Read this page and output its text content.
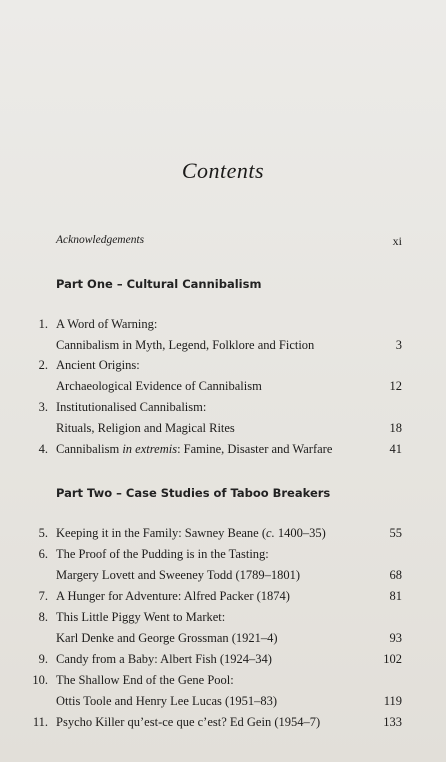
Contents
Acknowledgements	xi
Part One – Cultural Cannibalism
1. A Word of Warning:
Cannibalism in Myth, Legend, Folklore and Fiction	3
2. Ancient Origins:
Archaeological Evidence of Cannibalism	12
3. Institutionalised Cannibalism:
Rituals, Religion and Magical Rites	18
4. Cannibalism in extremis: Famine, Disaster and Warfare	41
Part Two – Case Studies of Taboo Breakers
5. Keeping it in the Family: Sawney Beane (c. 1400–35)	55
6. The Proof of the Pudding is in the Tasting:
Margery Lovett and Sweeney Todd (1789–1801)	68
7. A Hunger for Adventure: Alfred Packer (1874)	81
8. This Little Piggy Went to Market:
Karl Denke and George Grossman (1921–4)	93
9. Candy from a Baby: Albert Fish (1924–34)	102
10. The Shallow End of the Gene Pool:
Ottis Toole and Henry Lee Lucas (1951–83)	119
11. Psycho Killer qu’est-ce que c’est? Ed Gein (1954–7)	133
